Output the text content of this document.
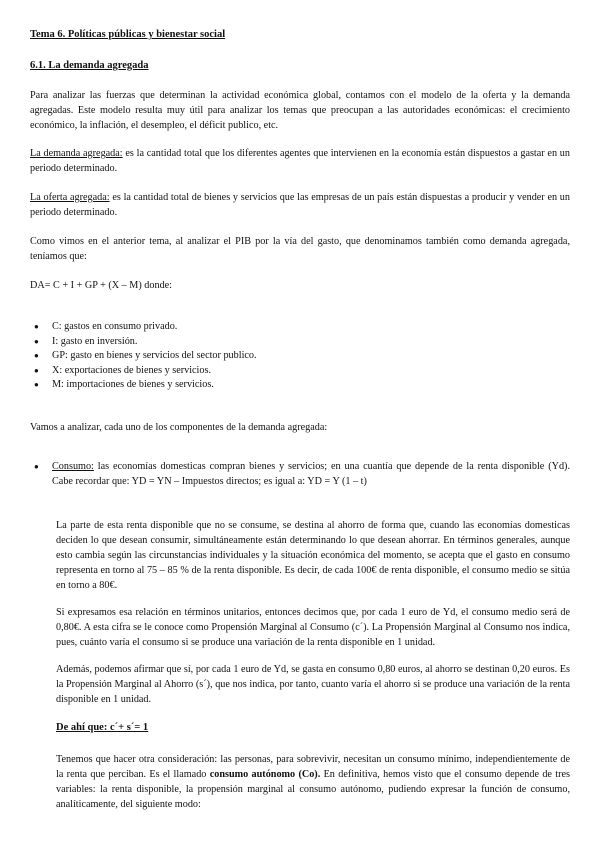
Tema 6. Políticas públicas y bienestar social
6.1. La demanda agregada

Para analizar las fuerzas que determinan la actividad económica global, contamos con el modelo de la oferta y la demanda agregadas. Este modelo resulta muy útil para analizar los temas que preocupan a las autoridades económicas: el crecimiento económico, la inflación, el desempleo, el déficit publico, etc.

La demanda agregada: es la cantidad total que los diferentes agentes que intervienen en la economía están dispuestos a gastar en un periodo determinado.

La oferta agregada: es la cantidad total de bienes y servicios que las empresas de un país están dispuestas a producir y vender en un periodo determinado.

Como vimos en el anterior tema, al analizar el PIB por la vía del gasto, que denominamos también como demanda agregada, teníamos que:

DA= C + I + GP + (X – M) donde:

● C: gastos en consumo privado.
● I: gasto en inversión.
● GP: gasto en bienes y servicios del sector publico.
● X: exportaciones de bienes y servicios.
● M: importaciones de bienes y servicios.

Vamos a analizar, cada uno de los componentes de la demanda agregada:

● Consumo: las economías domesticas compran bienes y servicios; en una cuantía que depende de la renta disponible (Yd). Cabe recordar que: YD = YN – Impuestos directos; es igual a: YD = Y (1 – t)

La parte de esta renta disponible que no se consume, se destina al ahorro de forma que, cuando las economías domesticas deciden lo que desean consumir, simultáneamente están determinando lo que desean ahorrar. En términos generales, aunque esto cambia según las circunstancias individuales y la situación económica del momento, se acepta que el gasto en consumo representa en torno al 75 – 85 % de la renta disponible. Es decir, de cada 100€ de renta disponible, el consumo medio se sitúa en torno a 80€.

Si expresamos esa relación en términos unitarios, entonces decimos que, por cada 1 euro de Yd, el consumo medio será de 0,80€. A esta cifra se le conoce como Propensión Marginal al Consumo (c´). La Propensión Marginal al Consumo nos indica, pues, cuánto varía el consumo si se produce una variación de la renta disponible en 1 unidad.

Además, podemos afirmar que sí, por cada 1 euro de Yd, se gasta en consumo 0,80 euros, al ahorro se destinan 0,20 euros. Es la Propensión Marginal al Ahorro (s´), que nos indica, por tanto, cuanto varía el ahorro si se produce una variación de la renta disponible en 1 unidad.

De ahí que: c´+ s´= 1

Tenemos que hacer otra consideración: las personas, para sobrevivir, necesitan un consumo mínimo, independientemente de la renta que perciban. Es el llamado consumo autónomo (Co). En definitiva, hemos visto que el consumo depende de tres variables: la renta disponible, la propensión marginal al consumo autónomo, pudiendo expresar la función de consumo, analíticamente, del siguiente modo:
